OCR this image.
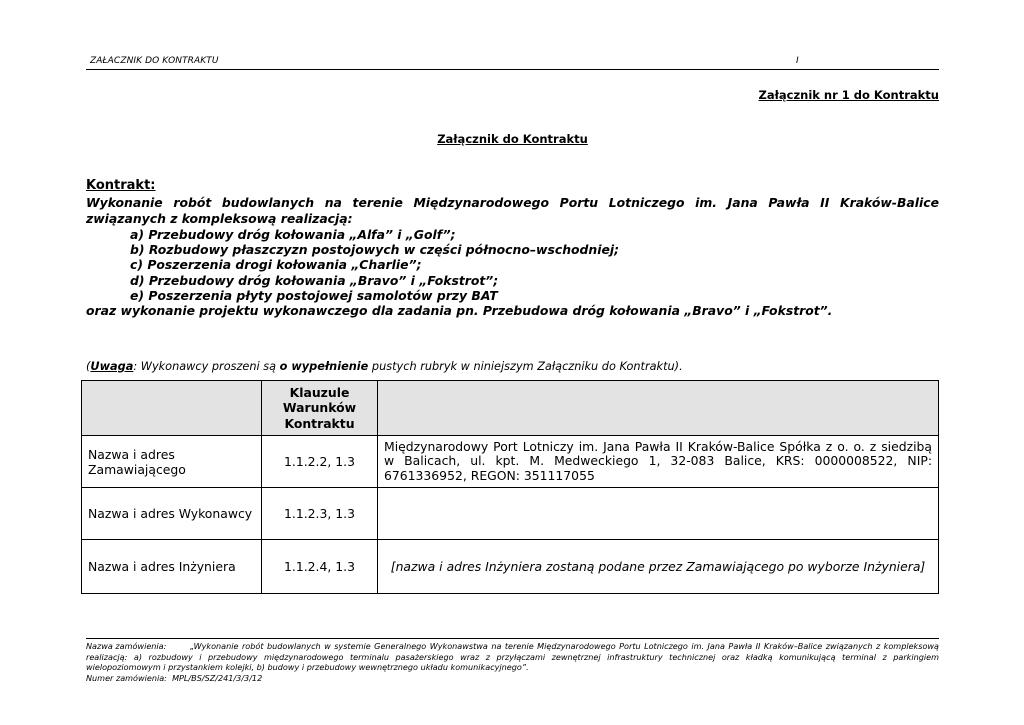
ZAŁACZNIK DO KONTRAKTU	I
Załącznik nr 1 do Kontraktu
Załącznik do Kontraktu
Kontrakt:
Wykonanie robót budowlanych na terenie Międzynarodowego Portu Lotniczego im. Jana Pawła II Kraków-Balice
związanych z kompleksową realizacją:
a) Przebudowy dróg kołowania „Alfa” i „Golf”;
b) Rozbudowy płaszczyzn postojowych w części północno–wschodniej;
c) Poszerzenia drogi kołowania „Charlie”;
d) Przebudowy dróg kołowania „Bravo” i „Fokstrot”;
e) Poszerzenia płyty postojowej samolotów przy BAT
oraz wykonanie projektu wykonawczego dla zadania pn. Przebudowa dróg kołowania „Bravo” i „Fokstrot”.
(Uwaga: Wykonawcy proszeni są o wypełnienie pustych rubryk w niniejszym Załączniku do Kontraktu).
	Klauzule Warunków Kontraktu	
Nazwa i adres Zamawiającego	1.1.2.2, 1.3	Międzynarodowy Port Lotniczy im. Jana Pawła II Kraków-Balice Spółka z o. o. z siedzibą w Balicach, ul. kpt. M. Medweckiego 1, 32-083 Balice, KRS: 0000008522, NIP: 6761336952, REGON: 351117055
Nazwa i adres Wykonawcy	1.1.2.3, 1.3	
Nazwa i adres Inżyniera	1.1.2.4, 1.3	[nazwa i adres Inżyniera zostaną podane przez Zamawiającego po wyborze Inżyniera]
Nazwa zamówienia:	„Wykonanie robót budowlanych w systemie Generalnego Wykonawstwa na terenie Międzynarodowego Portu Lotniczego im. Jana Pawła II Kraków–Balice związanych z kompleksową realizacją: a) rozbudowy i przebudowy międzynarodowego terminalu pasażerskiego wraz z przyłączami zewnętrznej infrastruktury technicznej oraz kładką komunikującą terminal z parkingiem wielopoziomowym i przystankiem kolejki, b) budowy i przebudowy wewnętrznego układu komunikacyjnego”.
Numer zamówienia: MPL/BS/SZ/241/3/3/12
